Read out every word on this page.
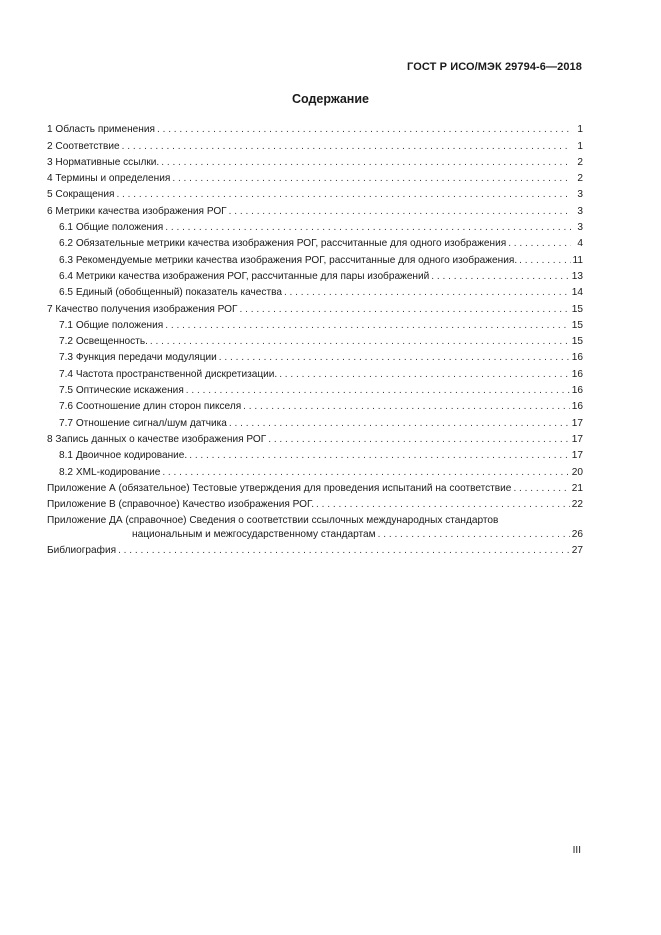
ГОСТ Р ИСО/МЭК 29794-6—2018
Содержание
1 Область применения . . .	1
2 Соответствие . . .	1
3 Нормативные ссылки. . . .	2
4 Термины и определения . . .	2
5 Сокращения . . .	3
6 Метрики качества изображения РОГ . . .	3
6.1 Общие положения . . .	3
6.2 Обязательные метрики качества изображения РОГ, рассчитанные для одного изображения . . .	4
6.3 Рекомендуемые метрики качества изображения РОГ, рассчитанные для одного изображения. . . .	11
6.4 Метрики качества изображения РОГ, рассчитанные для пары изображений . . .	13
6.5 Единый (обобщенный) показатель качества . . .	14
7 Качество получения изображения РОГ . . .	15
7.1 Общие положения . . .	15
7.2 Освещенность. . . .	15
7.3 Функция передачи модуляции . . .	16
7.4 Частота пространственной дискретизации. . . .	16
7.5 Оптические искажения . . .	16
7.6 Соотношение длин сторон пикселя . . .	16
7.7 Отношение сигнал/шум датчика . . .	17
8 Запись данных о качестве изображения РОГ . . .	17
8.1 Двоичное кодирование. . . .	17
8.2 XML-кодирование . . .	20
Приложение А (обязательное) Тестовые утверждения для проведения испытаний на соответствие . . .	21
Приложение В (справочное) Качество изображения РОГ. . . .	22
Приложение ДА (справочное) Сведения о соответствии ссылочных международных стандартов
национальным и межгосударственному стандартам . . .	26
Библиография . . .	27
III
